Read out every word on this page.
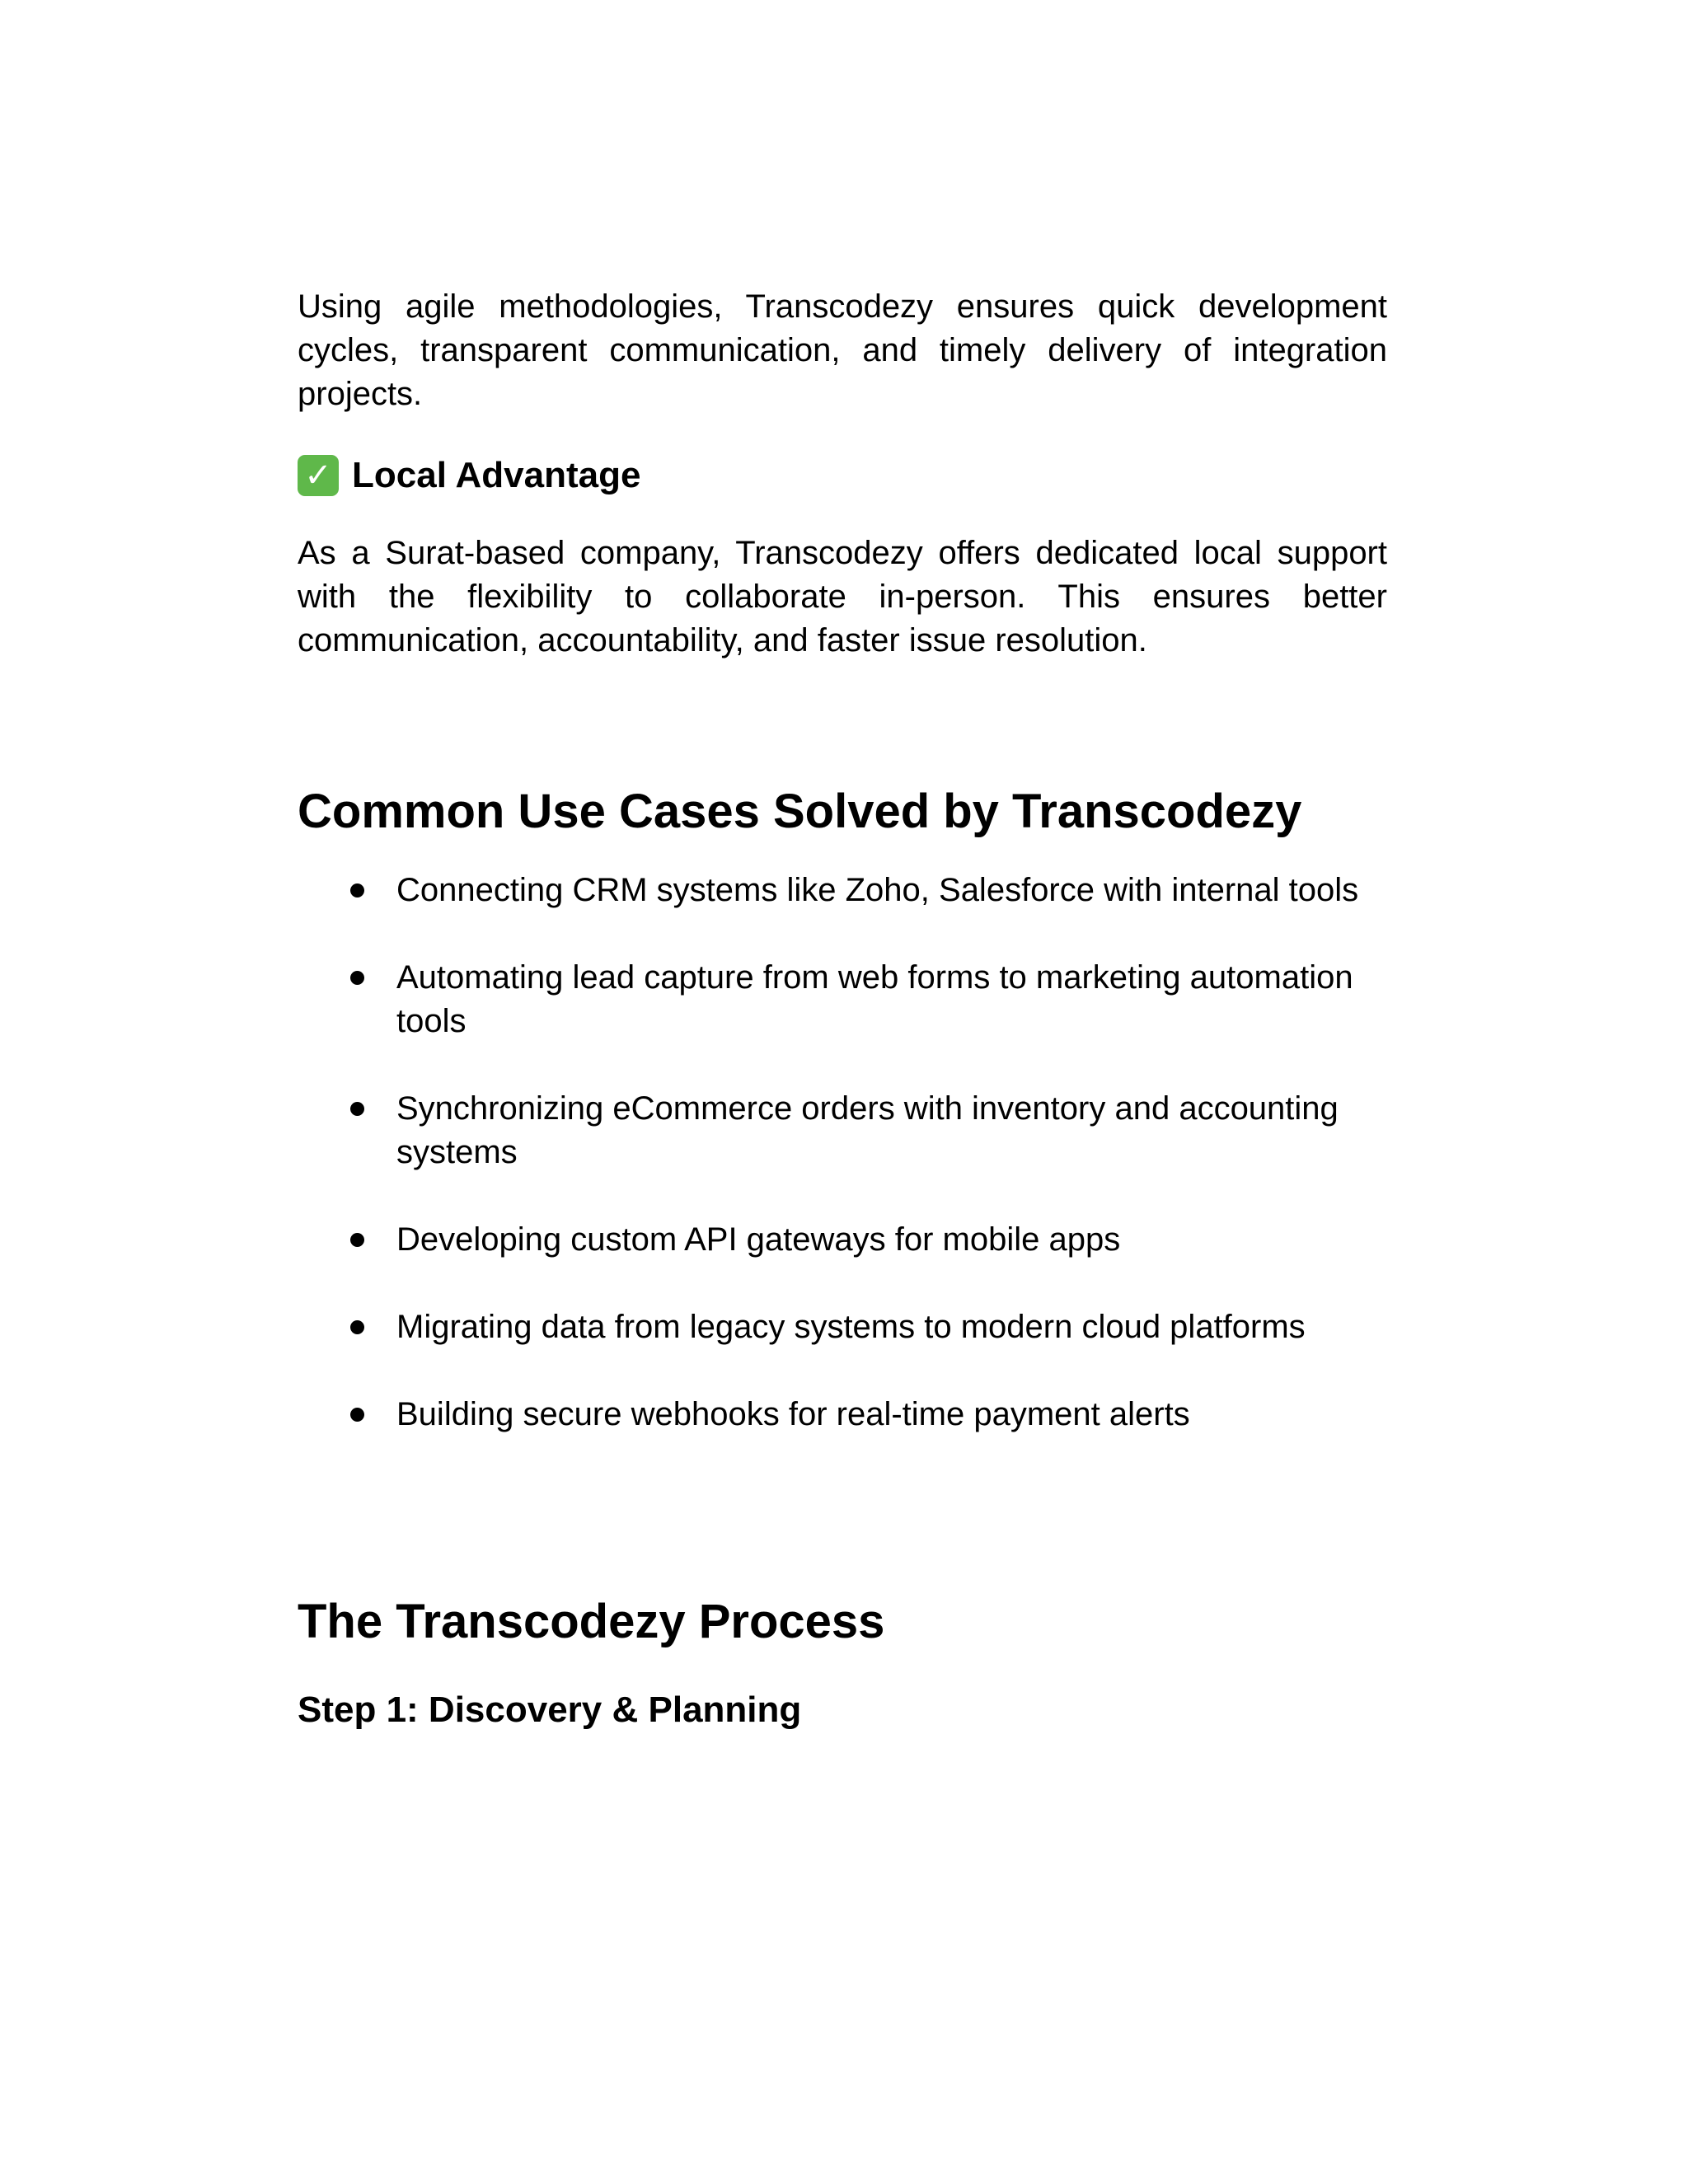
Using agile methodologies, Transcodezy ensures quick development cycles, transparent communication, and timely delivery of integration projects.

✓ Local Advantage

As a Surat-based company, Transcodezy offers dedicated local support with the flexibility to collaborate in-person. This ensures better communication, accountability, and faster issue resolution.

Common Use Cases Solved by Transcodezy
Connecting CRM systems like Zoho, Salesforce with internal tools
Automating lead capture from web forms to marketing automation tools
Synchronizing eCommerce orders with inventory and accounting systems
Developing custom API gateways for mobile apps
Migrating data from legacy systems to modern cloud platforms
Building secure webhooks for real-time payment alerts
The Transcodezy Process
Step 1: Discovery & Planning
